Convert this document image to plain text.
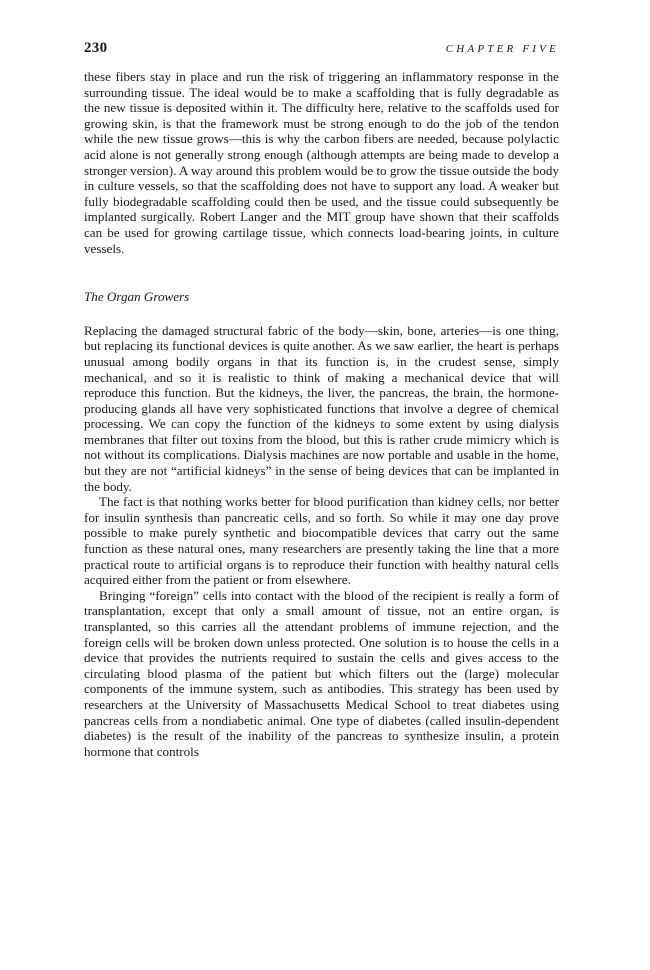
230	CHAPTER FIVE

these fibers stay in place and run the risk of triggering an inflammatory response in the surrounding tissue. The ideal would be to make a scaffolding that is fully degradable as the new tissue is deposited within it. The difficulty here, relative to the scaffolds used for growing skin, is that the framework must be strong enough to do the job of the tendon while the new tissue grows—this is why the carbon fibers are needed, because polylactic acid alone is not generally strong enough (although attempts are being made to develop a stronger version). A way around this problem would be to grow the tissue outside the body in culture vessels, so that the scaffolding does not have to support any load. A weaker but fully biodegradable scaffolding could then be used, and the tissue could subsequently be implanted surgically. Robert Langer and the MIT group have shown that their scaffolds can be used for growing cartilage tissue, which connects load-bearing joints, in culture vessels.

The Organ Growers

Replacing the damaged structural fabric of the body—skin, bone, arteries—is one thing, but replacing its functional devices is quite another. As we saw earlier, the heart is perhaps unusual among bodily organs in that its function is, in the crudest sense, simply mechanical, and so it is realistic to think of making a mechanical device that will reproduce this function. But the kidneys, the liver, the pancreas, the brain, the hormone-producing glands all have very sophisticated functions that involve a degree of chemical processing. We can copy the function of the kidneys to some extent by using dialysis membranes that filter out toxins from the blood, but this is rather crude mimicry which is not without its complications. Dialysis machines are now portable and usable in the home, but they are not “artificial kidneys” in the sense of being devices that can be implanted in the body.

The fact is that nothing works better for blood purification than kidney cells, nor better for insulin synthesis than pancreatic cells, and so forth. So while it may one day prove possible to make purely synthetic and biocompatible devices that carry out the same function as these natural ones, many researchers are presently taking the line that a more practical route to artificial organs is to reproduce their function with healthy natural cells acquired either from the patient or from elsewhere.

Bringing “foreign” cells into contact with the blood of the recipient is really a form of transplantation, except that only a small amount of tissue, not an entire organ, is transplanted, so this carries all the attendant problems of immune rejection, and the foreign cells will be broken down unless protected. One solution is to house the cells in a device that provides the nutrients required to sustain the cells and gives access to the circulating blood plasma of the patient but which filters out the (large) molecular components of the immune system, such as antibodies. This strategy has been used by researchers at the University of Massachusetts Medical School to treat diabetes using pancreas cells from a nondiabetic animal. One type of diabetes (called insulin-dependent diabetes) is the result of the inability of the pancreas to synthesize insulin, a protein hormone that controls
